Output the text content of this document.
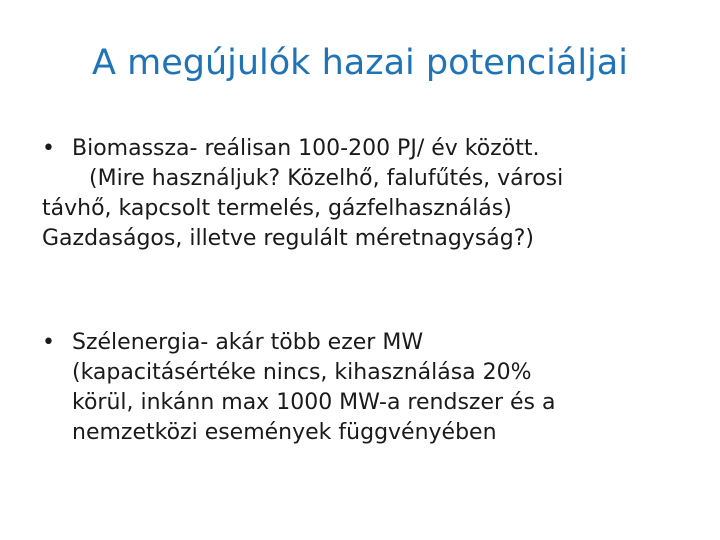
A megújulók hazai potenciáljai
• Biomassza- reálisan 100-200 PJ/ év között.
(Mire használjuk? Közelhő, falufűtés, városi
távhő, kapcsolt termelés, gázfelhasználás)
Gazdaságos, illetve regulált méretnagyság?)
• Szélenergia- akár több ezer MW
(kapacitásértéke nincs, kihasználása 20%
körül, inkánn max 1000 MW-a rendszer és a
nemzetközi események függvényében
